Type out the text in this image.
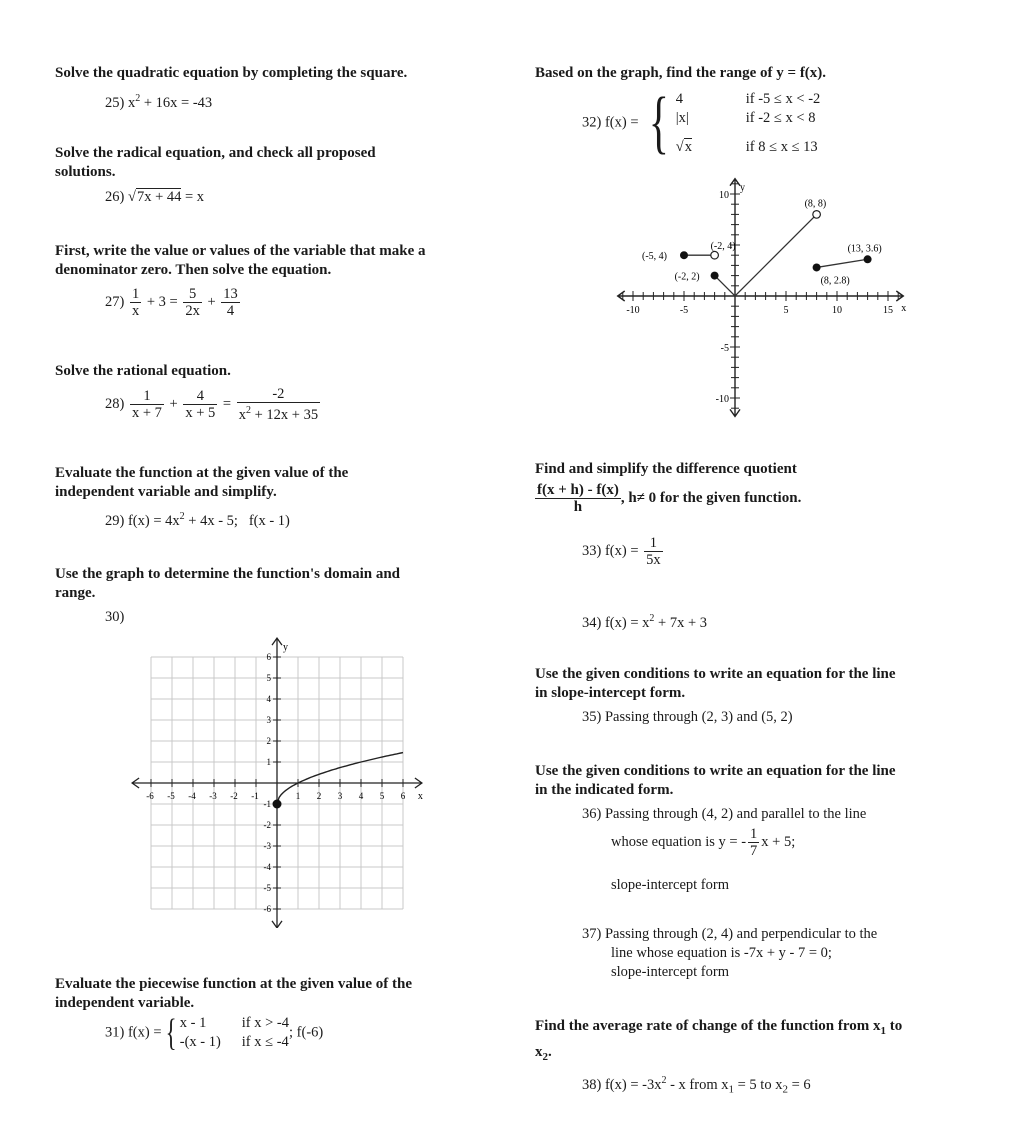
Solve the quadratic equation by completing the square.
25) $x^2 + 16x = -43$
Solve the radical equation, and check all proposed
solutions.
26) √7x + 44 = x
First, write the value or values of the variable that make a
denominator zero. Then solve the equation.
$27) \frac{1}{x} + 3 = \frac{5}{2x} + \frac{13}{4}$
Solve the rational equation.
$28) \frac{1}{x + 7} + \frac{4}{x + 5} = \frac{-2}{x^2 + 12x + 35}$
Evaluate the function at the given value of the
independent variable and simplify.
29) $f(x) = 4x^2 + 4x - 5$; f(x - 1)
Use the graph to determine the function's domain and
range.
30)
Evaluate the piecewise function at the given value of the
independent variable.
31) f(x) ={ x - 1 if x > -4
-(x - 1) if x ≤ -4
; f(-6)
-6 -5 -4 -3 -2 -1	1 2 3 4 5 6
6
5
4
3
2
1
-1
-2
-3
-4
-5
-6
x
y
Based on the graph, find the range of y = f(x).
32) f(x) = { 4	if -5 ≤ x < -2
|x|	if -2 ≤ x < 8
√x	if 8 ≤ x ≤ 13
Find and simplify the difference quotient
$\frac{f(x + h) - f(x)}{h}$ , h≠ 0 for the given function.
33) $f(x) = \frac{1}{5x}$
34) $f(x) = x^2 + 7x + 3$
Use the given conditions to write an equation for the line
in slope-intercept form.
35) Passing through (2, 3) and (5, 2)
Use the given conditions to write an equation for the line
in the indicated form.
36) Passing through (4, 2) and parallel to the line
whose equation is y = - $\frac{1}{7}$ x + 5;
slope-intercept form
37) Passing through (2, 4) and perpendicular to the
line whose equation is -7x + y - 7 = 0;
slope-intercept form
Find the average rate of change of the function from $x_1$ to
$x_2$.
38) $f(x) = -3x^2 - x$ from $x_1 = 5$ to $x_2 = 6$
-10	-5	5	10	15
10
-5
-10
x
y
(8, 8)
(-2, 2)
(-5, 4)
(-2, 4)	(13, 3.6)
(8, 2.8)
